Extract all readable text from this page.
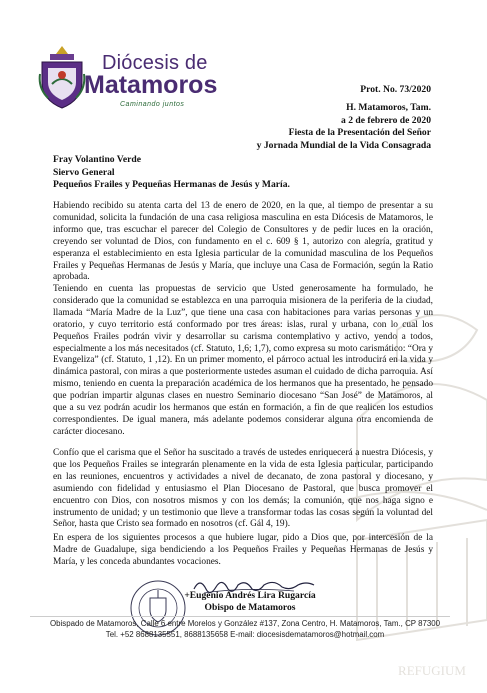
REFUGIUM
Diócesis de
Matamoros
Caminando juntos
Prot. No. 73/2020
H. Matamoros, Tam.
a 2 de febrero de 2020
Fiesta de la Presentación del Señor
y Jornada Mundial de la Vida Consagrada
Fray Volantino Verde
Siervo General
Pequeños Frailes y Pequeñas Hermanas de Jesús y María.

Habiendo recibido su atenta carta del 13 de enero de 2020, en la que, al tiempo de presentar a su comunidad, solicita la fundación de una casa religiosa masculina en esta Diócesis de Matamoros, le informo que, tras escuchar el parecer del Colegio de Consultores y de pedir luces en la oración, creyendo ser voluntad de Dios, con fundamento en el c. 609 § 1, autorizo con alegría, gratitud y esperanza el establecimiento en esta Iglesia particular de la comunidad masculina de los Pequeños Frailes y Pequeñas Hermanas de Jesús y María, que incluye una Casa de Formación, según la Ratio aprobada.

Teniendo en cuenta las propuestas de servicio que Usted generosamente ha formulado, he considerado que la comunidad se establezca en una parroquia misionera de la periferia de la ciudad, llamada “María Madre de la Luz”, que tiene una casa con habitaciones para varias personas y un oratorio, y cuyo territorio está conformado por tres áreas: islas, rural y urbana, con lo cual los Pequeños Frailes podrán vivir y desarrollar su carisma contemplativo y activo, yendo a todos, especialmente a los más necesitados (cf. Statuto, 1,6; 1,7), como expresa su moto carismático: “Ora y Evangeliza” (cf. Statuto, 1 ,12). En un primer momento, el párroco actual les introducirá en la vida y dinámica pastoral, con miras a que posteriormente ustedes asuman el cuidado de dicha parroquia. Así mismo, teniendo en cuenta la preparación académica de los hermanos que ha presentado, he pensado que podrían impartir algunas clases en nuestro Seminario diocesano “San José” de Matamoros, al que a su vez podrán acudir los hermanos que están en formación, a fin de que realicen los estudios correspondientes. De igual manera, más adelante podemos considerar alguna otra encomienda de carácter diocesano.

Confío que el carisma que el Señor ha suscitado a través de ustedes enriquecerá a nuestra Diócesis, y que los Pequeños Frailes se integrarán plenamente en la vida de esta Iglesia particular, participando en las reuniones, encuentros y actividades a nivel de decanato, de zona pastoral y diocesano, y asumiendo con fidelidad y entusiasmo el Plan Diocesano de Pastoral, que busca promover el encuentro con Dios, con nosotros mismos y con los demás; la comunión, que nos haga signo e instrumento de unidad; y un testimonio que lleve a transformar todas las cosas según la voluntad del Señor, hasta que Cristo sea formado en nosotros (cf. Gál 4, 19).

En espera de los siguientes procesos a que hubiere lugar, pido a Dios que, por intercesión de la Madre de Guadalupe, siga bendiciendo a los Pequeños Frailes y Pequeñas Hermanas de Jesús y María, y les conceda abundantes vocaciones.

+Eugenio Andrés Lira Rugarcía
Obispo de Matamoros
Obispado de Matamoros, Calle 6 entre Morelos y González #137, Zona Centro, H. Matamoros, Tam., CP 87300
Tel. +52 8688135551, 8688135658 E-mail: diocesisdematamoros@hotmail.com
